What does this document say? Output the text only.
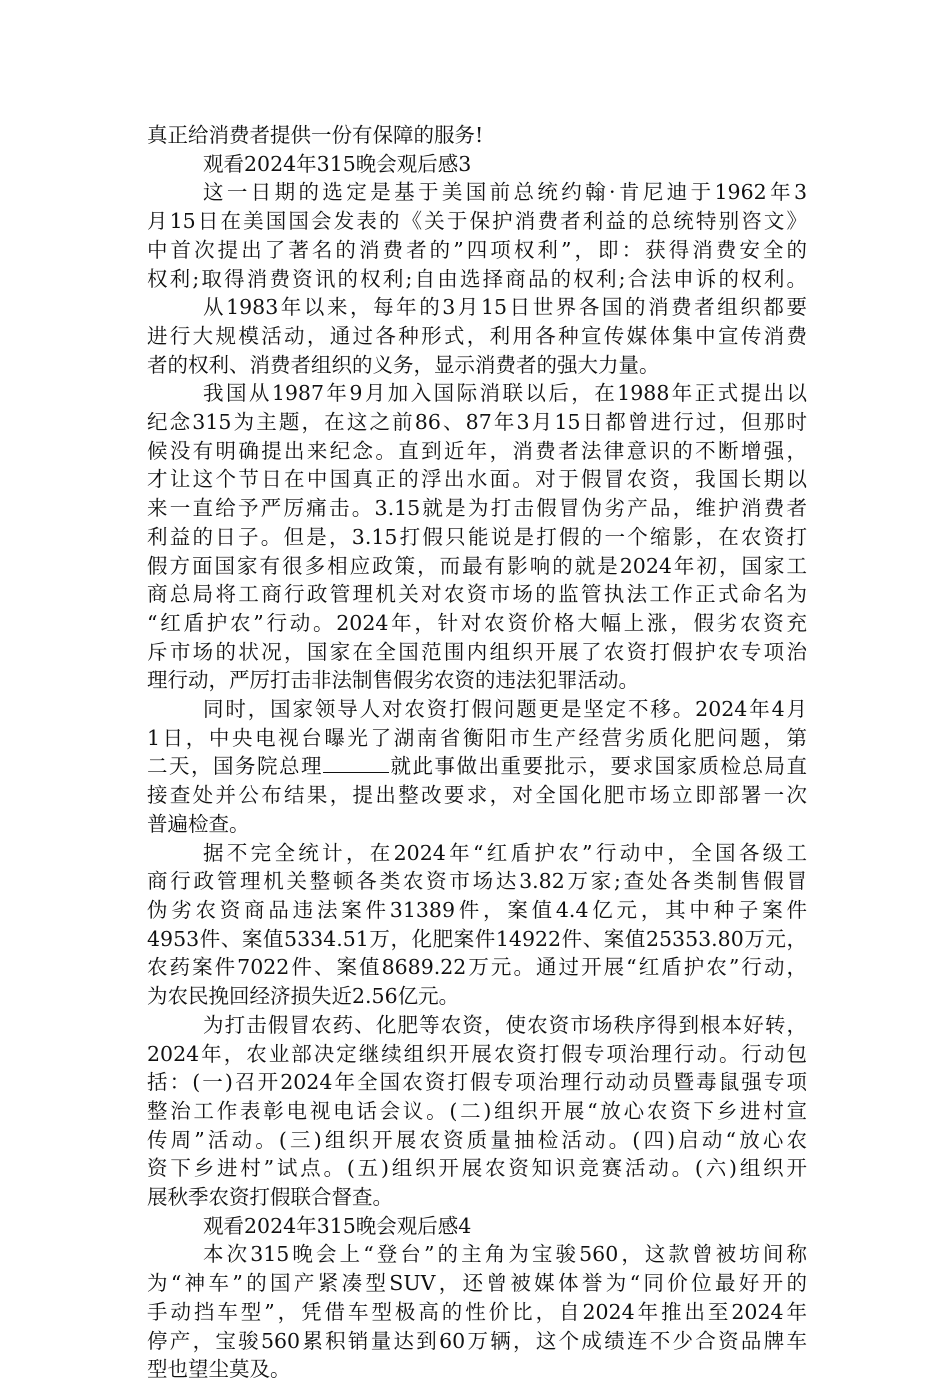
真正给消费者提供一份有保障的服务!

观看2024年315晚会观后感3

这一日期的选定是基于美国前总统约翰·肯尼迪于1962年3

月15日在美国国会发表的《关于保护消费者利益的总统特别咨文》

中首次提出了著名的消费者的”四项权利”，即：获得消费安全的

权利;取得消费资讯的权利;自由选择商品的权利;合法申诉的权利。

从1983年以来，每年的3月15日世界各国的消费者组织都要

进行大规模活动，通过各种形式，利用各种宣传媒体集中宣传消费

者的权利、消费者组织的义务，显示消费者的强大力量。

我国从1987年9月加入国际消联以后，在1988年正式提出以

纪念315为主题，在这之前86、87年3月15日都曾进行过，但那时

候没有明确提出来纪念。直到近年，消费者法律意识的不断增强，

才让这个节日在中国真正的浮出水面。对于假冒农资，我国长期以

来一直给予严厉痛击。3.15就是为打击假冒伪劣产品，维护消费者

利益的日子。但是，3.15打假只能说是打假的一个缩影，在农资打

假方面国家有很多相应政策，而最有影响的就是2024年初，国家工

商总局将工商行政管理机关对农资市场的监管执法工作正式命名为

“红盾护农”行动。2024年，针对农资价格大幅上涨，假劣农资充

斥市场的状况，国家在全国范围内组织开展了农资打假护农专项治

理行动，严厉打击非法制售假劣农资的违法犯罪活动。

同时，国家领导人对农资打假问题更是坚定不移。2024年4月

1日，中央电视台曝光了湖南省衡阳市生产经营劣质化肥问题，第

二天，国务院总理	就此事做出重要批示，要求国家质检总局直

接查处并公布结果，提出整改要求，对全国化肥市场立即部署一次

普遍检查。

据不完全统计，在2024年“红盾护农”行动中，全国各级工

商行政管理机关整顿各类农资市场达3.82万家;查处各类制售假冒

伪劣农资商品违法案件31389件，案值4.4亿元，其中种子案件

4953件、案值5334.51万，化肥案件14922件、案值25353.80万元，

农药案件7022件、案值8689.22万元。通过开展“红盾护农”行动，

为农民挽回经济损失近2.56亿元。

为打击假冒农药、化肥等农资，使农资市场秩序得到根本好转，

2024年，农业部决定继续组织开展农资打假专项治理行动。行动包

括：(一)召开2024年全国农资打假专项治理行动动员暨毒鼠强专项

整治工作表彰电视电话会议。(二)组织开展“放心农资下乡进村宣

传周”活动。(三)组织开展农资质量抽检活动。(四)启动“放心农

资下乡进村”试点。(五)组织开展农资知识竞赛活动。(六)组织开

展秋季农资打假联合督查。

观看2024年315晚会观后感4

本次315晚会上“登台”的主角为宝骏560，这款曾被坊间称

为“神车”的国产紧凑型SUV，还曾被媒体誉为“同价位最好开的

手动挡车型”，凭借车型极高的性价比，自2024年推出至2024年

停产，宝骏560累积销量达到60万辆，这个成绩连不少合资品牌车

型也望尘莫及。
